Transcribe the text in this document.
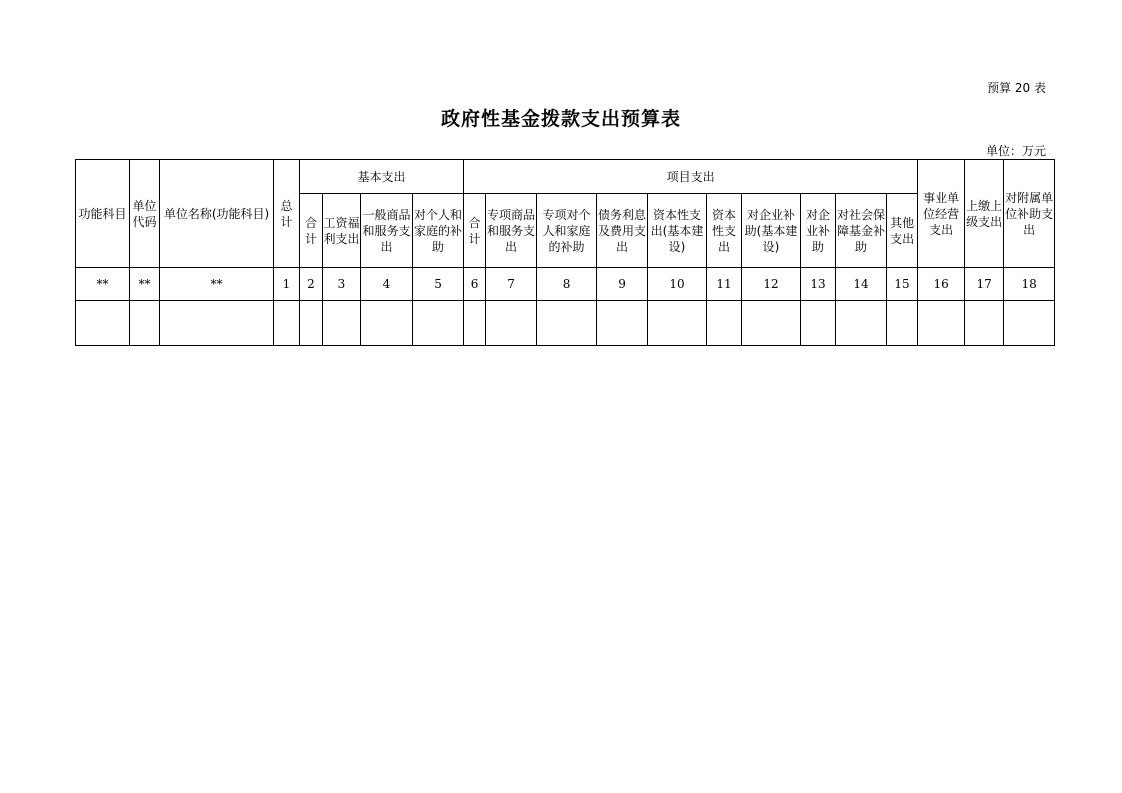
预算 20 表
政府性基金拨款支出预算表
单位：万元
功能科目	单位代码	单位名称(功能科目)	总计	基本支出				项目支出										事业单位经营支出	上缴上级支出	对附属单位补助支出
				合计	工资福利支出	一般商品和服务支出	对个人和家庭的补助	合计	专项商品和服务支出	专项对个人和家庭的补助	债务利息及费用支出	资本性支出(基本建设)	资本性支出	对企业补助(基本建设)	对企业补助	对社会保障基金补助	其他支出			
**	**	**	1	2	3	4	5	6	7	8	9	10	11	12	13	14	15	16	17	18
